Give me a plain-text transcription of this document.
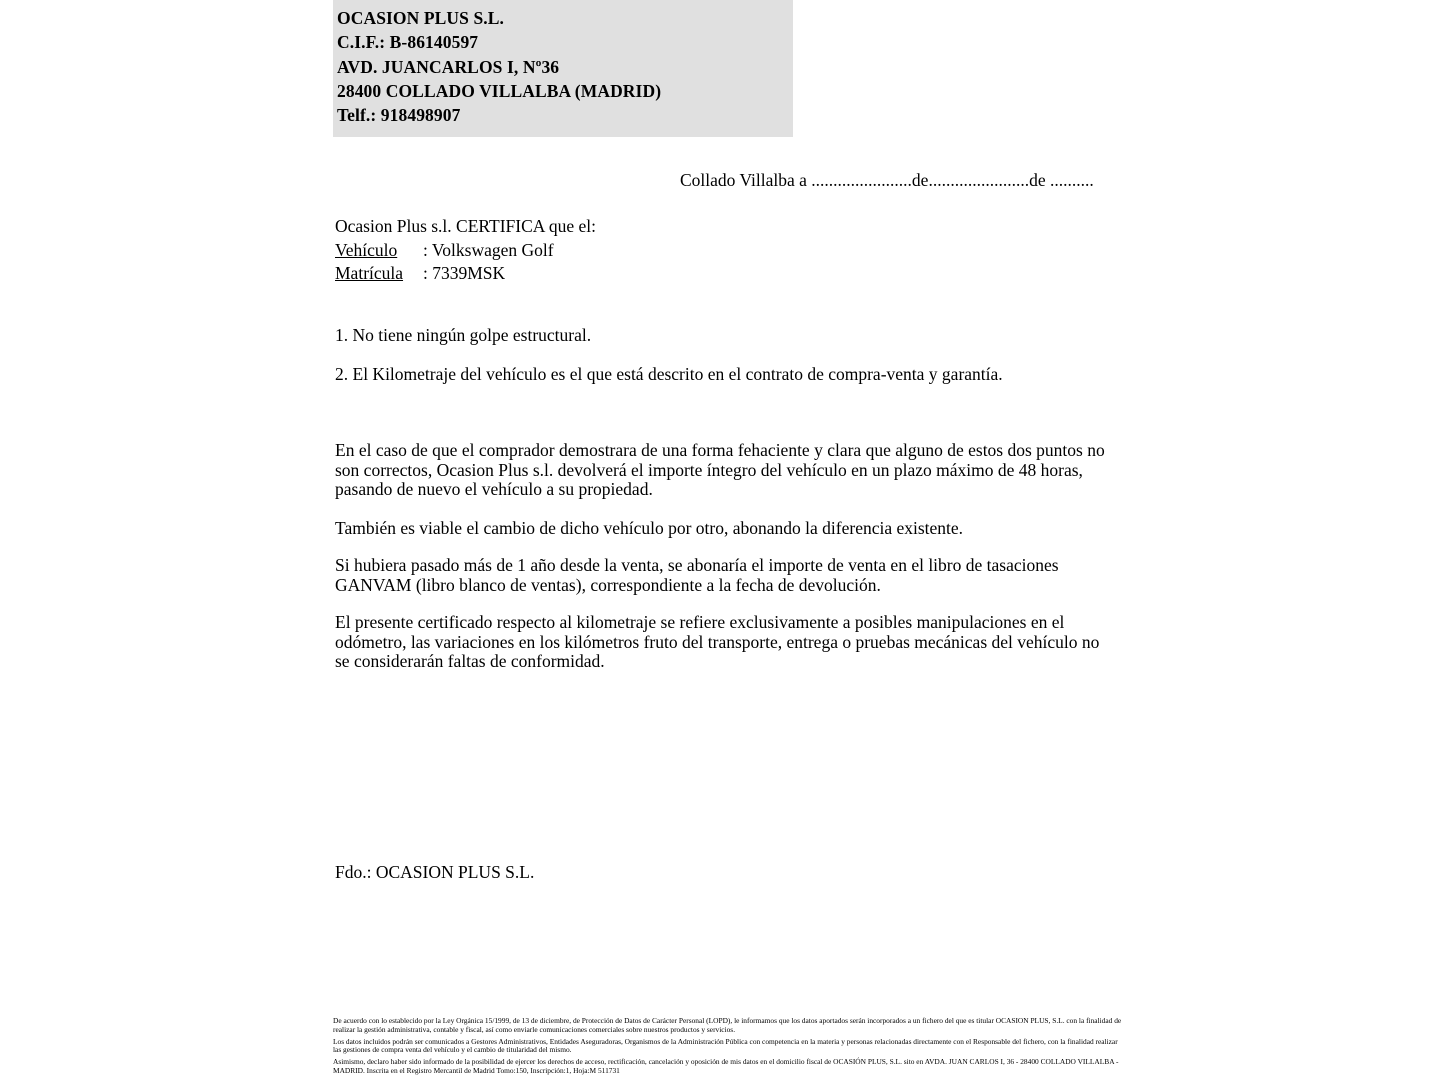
OCASION PLUS S.L.
C.I.F.: B-86140597
AVD. JUANCARLOS I, Nº36
28400 COLLADO VILLALBA (MADRID)
Telf.: 918498907
Collado Villalba a .......................de.......................de ..........
Ocasion Plus s.l. CERTIFICA que el:
Vehículo : Volkswagen Golf
Matrícula : 7339MSK
1. No tiene ningún golpe estructural.
2. El Kilometraje del vehículo es el que está descrito en el contrato de compra-venta y garantía.
En el caso de que el comprador demostrara de una forma fehaciente y clara que alguno de estos dos puntos no son correctos, Ocasion Plus s.l. devolverá el importe íntegro del vehículo en un plazo máximo de 48 horas, pasando de nuevo el vehículo a su propiedad.
También es viable el cambio de dicho vehículo por otro, abonando la diferencia existente.
Si hubiera pasado más de 1 año desde la venta, se abonaría el importe de venta en el libro de tasaciones GANVAM (libro blanco de ventas), correspondiente a la fecha de devolución.
El presente certificado respecto al kilometraje se refiere exclusivamente a posibles manipulaciones en el odómetro, las variaciones en los kilómetros fruto del transporte, entrega o pruebas mecánicas del vehículo no se considerarán faltas de conformidad.
Fdo.: OCASION PLUS S.L.

De acuerdo con lo establecido por la Ley Orgánica 15/1999, de 13 de diciembre, de Protección de Datos de Carácter Personal (LOPD), le informamos que los datos aportados serán incorporados a un fichero del que es titular OCASION PLUS, S.L. con la finalidad de realizar la gestión administrativa, contable y fiscal, así como enviarle comunicaciones comerciales sobre nuestros productos y servicios.

Los datos incluidos podrán ser comunicados a Gestores Administrativos, Entidades Aseguradoras, Organismos de la Administración Pública con competencia en la materia y personas relacionadas directamente con el Responsable del fichero, con la finalidad realizar las gestiones de compra venta del vehículo y el cambio de titularidad del mismo.

Asimismo, declaro haber sido informado de la posibilidad de ejercer los derechos de acceso, rectificación, cancelación y oposición de mis datos en el domicilio fiscal de OCASIÓN PLUS, S.L. sito en AVDA. JUAN CARLOS I, 36 - 28400 COLLADO VILLALBA - MADRID. Inscrita en el Registro Mercantil de Madrid Tomo:150, Inscripción:1, Hoja:M 511731
